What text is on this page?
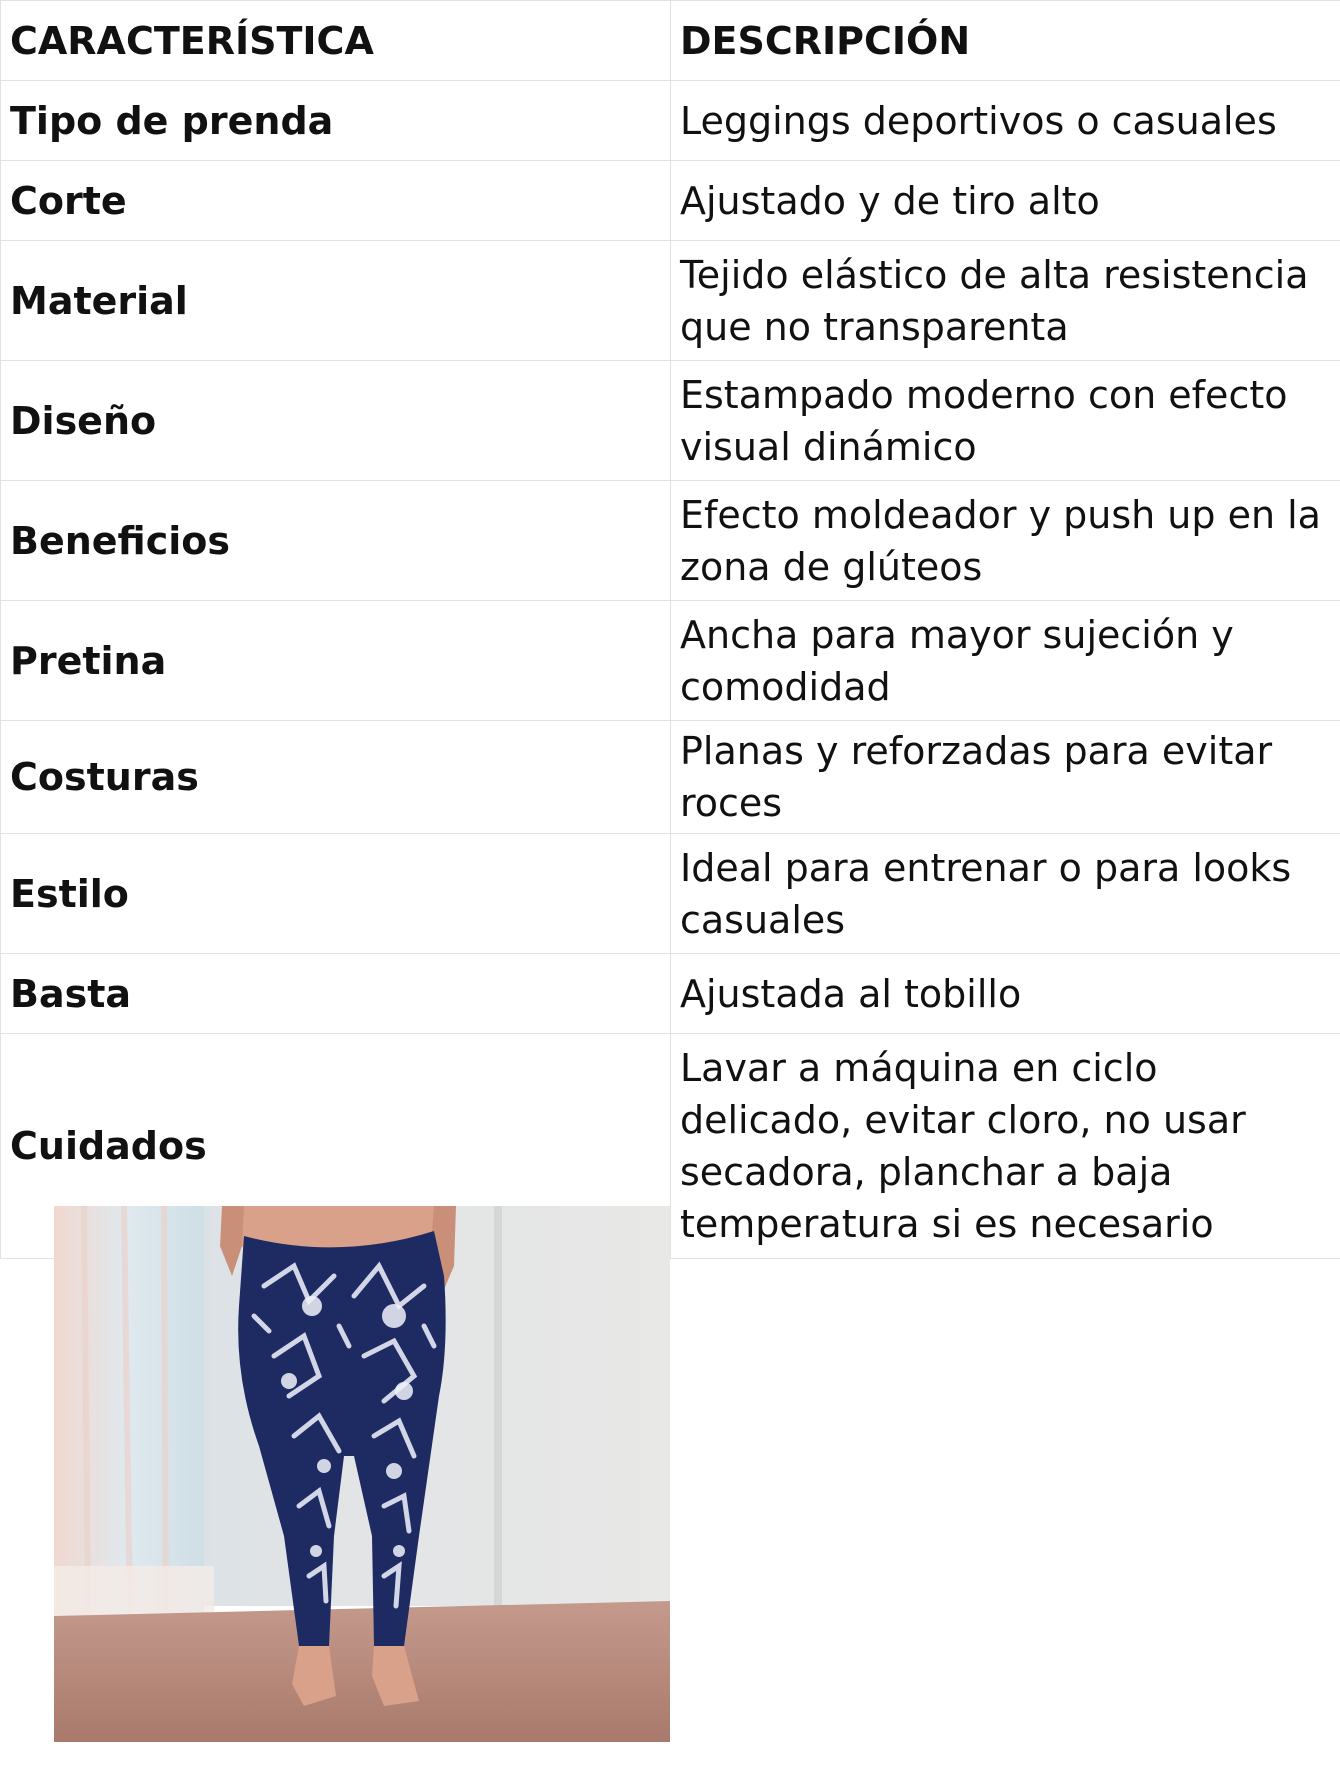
CARACTERÍSTICA	DESCRIPCIÓN
Tipo de prenda	Leggings deportivos o casuales
Corte	Ajustado y de tiro alto
Material	Tejido elástico de alta resistencia que no transparenta
Diseño	Estampado moderno con efecto visual dinámico
Beneficios	Efecto moldeador y push up en la zona de glúteos
Pretina	Ancha para mayor sujeción y comodidad
Costuras	Planas y reforzadas para evitar roces
Estilo	Ideal para entrenar o para looks casuales
Basta	Ajustada al tobillo
Cuidados	Lavar a máquina en ciclo delicado, evitar cloro, no usar secadora, planchar a baja temperatura si es necesario
